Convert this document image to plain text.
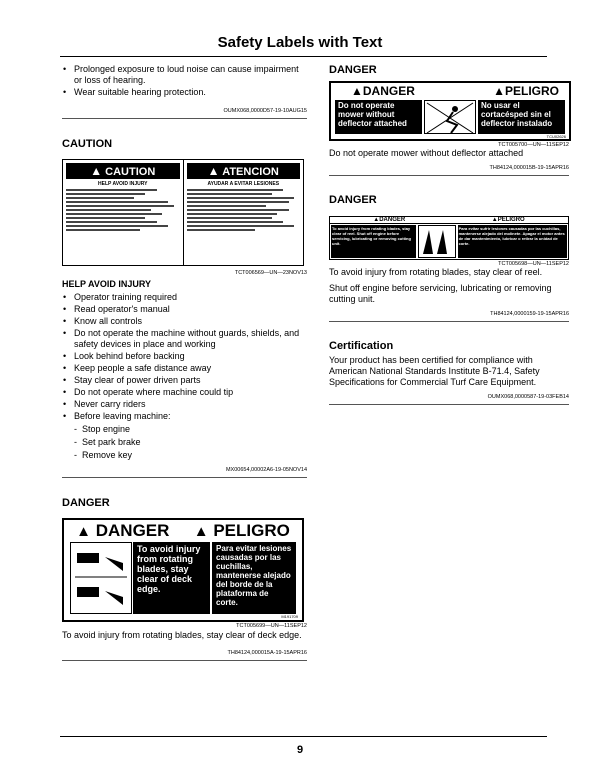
Safety Labels with Text
• Prolonged exposure to loud noise can cause impairment or loss of hearing.
• Wear suitable hearing protection.
OUMX068,0000D57-19-10AUG15
CAUTION
▲ CAUTION
HELP AVOID INJURY
▲ ATENCION
AYUDAR A EVITAR LESIONES
TCT006569—UN—23NOV13
HELP AVOID INJURY
• Operator training required
• Read operator's manual
• Know all controls
• Do not operate the machine without guards, shields, and safety devices in place and working
• Look behind before backing
• Keep people a safe distance away
• Stay clear of power driven parts
• Do not operate where machine could tip
• Never carry riders
• Before leaving machine:
- Stop engine
- Set park brake
- Remove key
MX00654,00002A6-19-05NOV14
DANGER
▲ DANGER ▲ PELIGRO
To avoid injury from rotating blades, stay clear of deck edge.
Para evitar lesiones causadas por las cuchillas, mantenerse alejado del borde de la plataforma de corte.
M191709
TCT005699—UN—11SEP12

To avoid injury from rotating blades, stay clear of deck edge.

TH84124,000015A-19-15APR16
DANGER
▲DANGER	▲PELIGRO
Do not operate mower without deflector attached
No usar el cortacésped sin el deflector instalado
TCU02626
TCT005700—UN—11SEP12

Do not operate mower without deflector attached

TH84124,000015B-19-15APR16
DANGER
▲DANGER	▲PELIGRO
To avoid injury from rotating blades, stay clear of reel. Shut off engine before servicing, lubricating or removing cutting unit.
Para evitar sufrir lesiones causadas por las cuchillas, mantenerse alejado del molinete. Apagar el motor antes de dar mantenimiento, lubricar o retirar la unidad de corte.
TCT005698—UN—11SEP12

To avoid injury from rotating blades, stay clear of reel.

Shut off engine before servicing, lubricating or removing cutting unit.

TH84124,0000159-19-15APR16
Certification

Your product has been certified for compliance with American National Standards Institute B-71.4, Safety Specifications for Commercial Turf Care Equipment.

OUMX068,0000587-19-03FEB14
9
